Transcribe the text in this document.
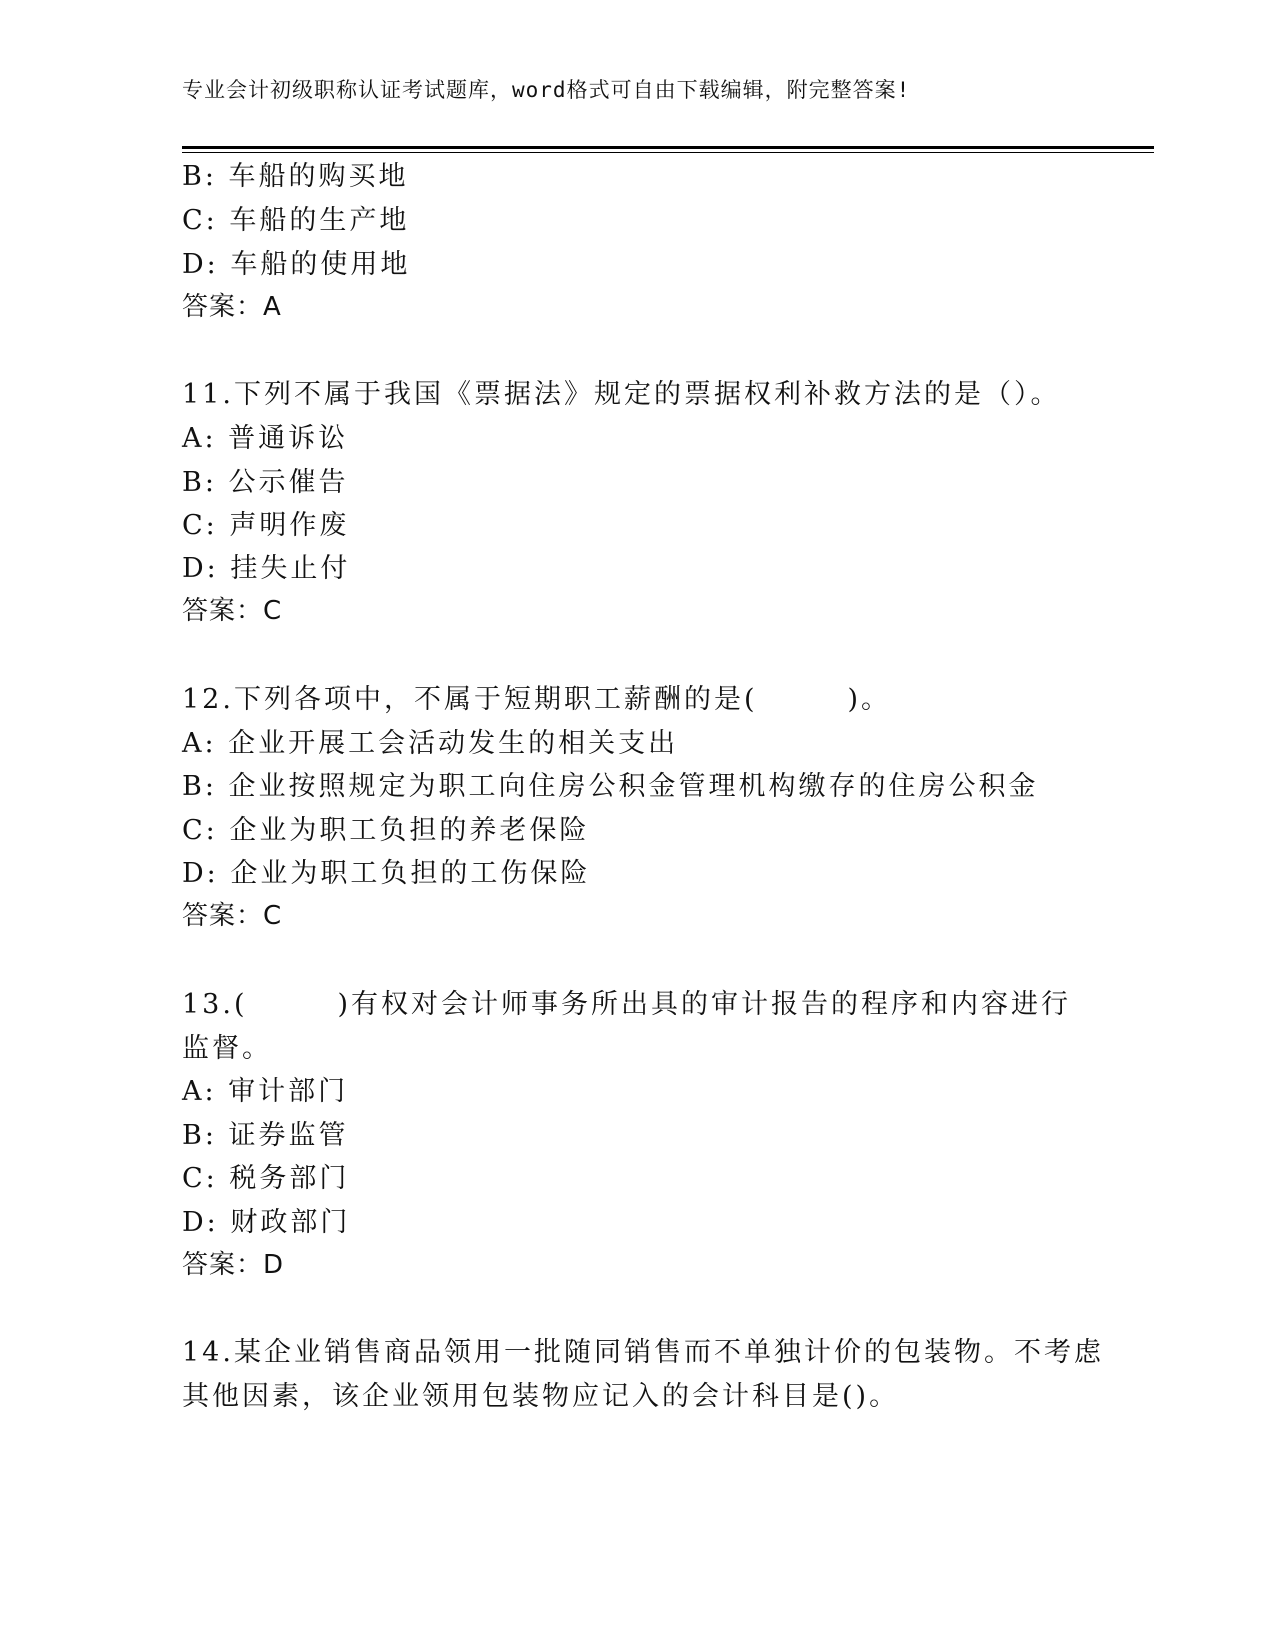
专业会计初级职称认证考试题库，word格式可自由下载编辑，附完整答案!
B: 车船的购买地
C: 车船的生产地
D: 车船的使用地
答案：A
11.下列不属于我国《票据法》规定的票据权利补救方法的是（）。
A: 普通诉讼
B: 公示催告
C: 声明作废
D: 挂失止付
答案：C
12.下列各项中，不属于短期职工薪酬的是(　　　)。
A: 企业开展工会活动发生的相关支出
B: 企业按照规定为职工向住房公积金管理机构缴存的住房公积金
C: 企业为职工负担的养老保险
D: 企业为职工负担的工伤保险
答案：C
13.(　　　)有权对会计师事务所出具的审计报告的程序和内容进行
监督。
A: 审计部门
B: 证券监管
C: 税务部门
D: 财政部门
答案：D
14.某企业销售商品领用一批随同销售而不单独计价的包装物。不考虑
其他因素，该企业领用包装物应记入的会计科目是()。
